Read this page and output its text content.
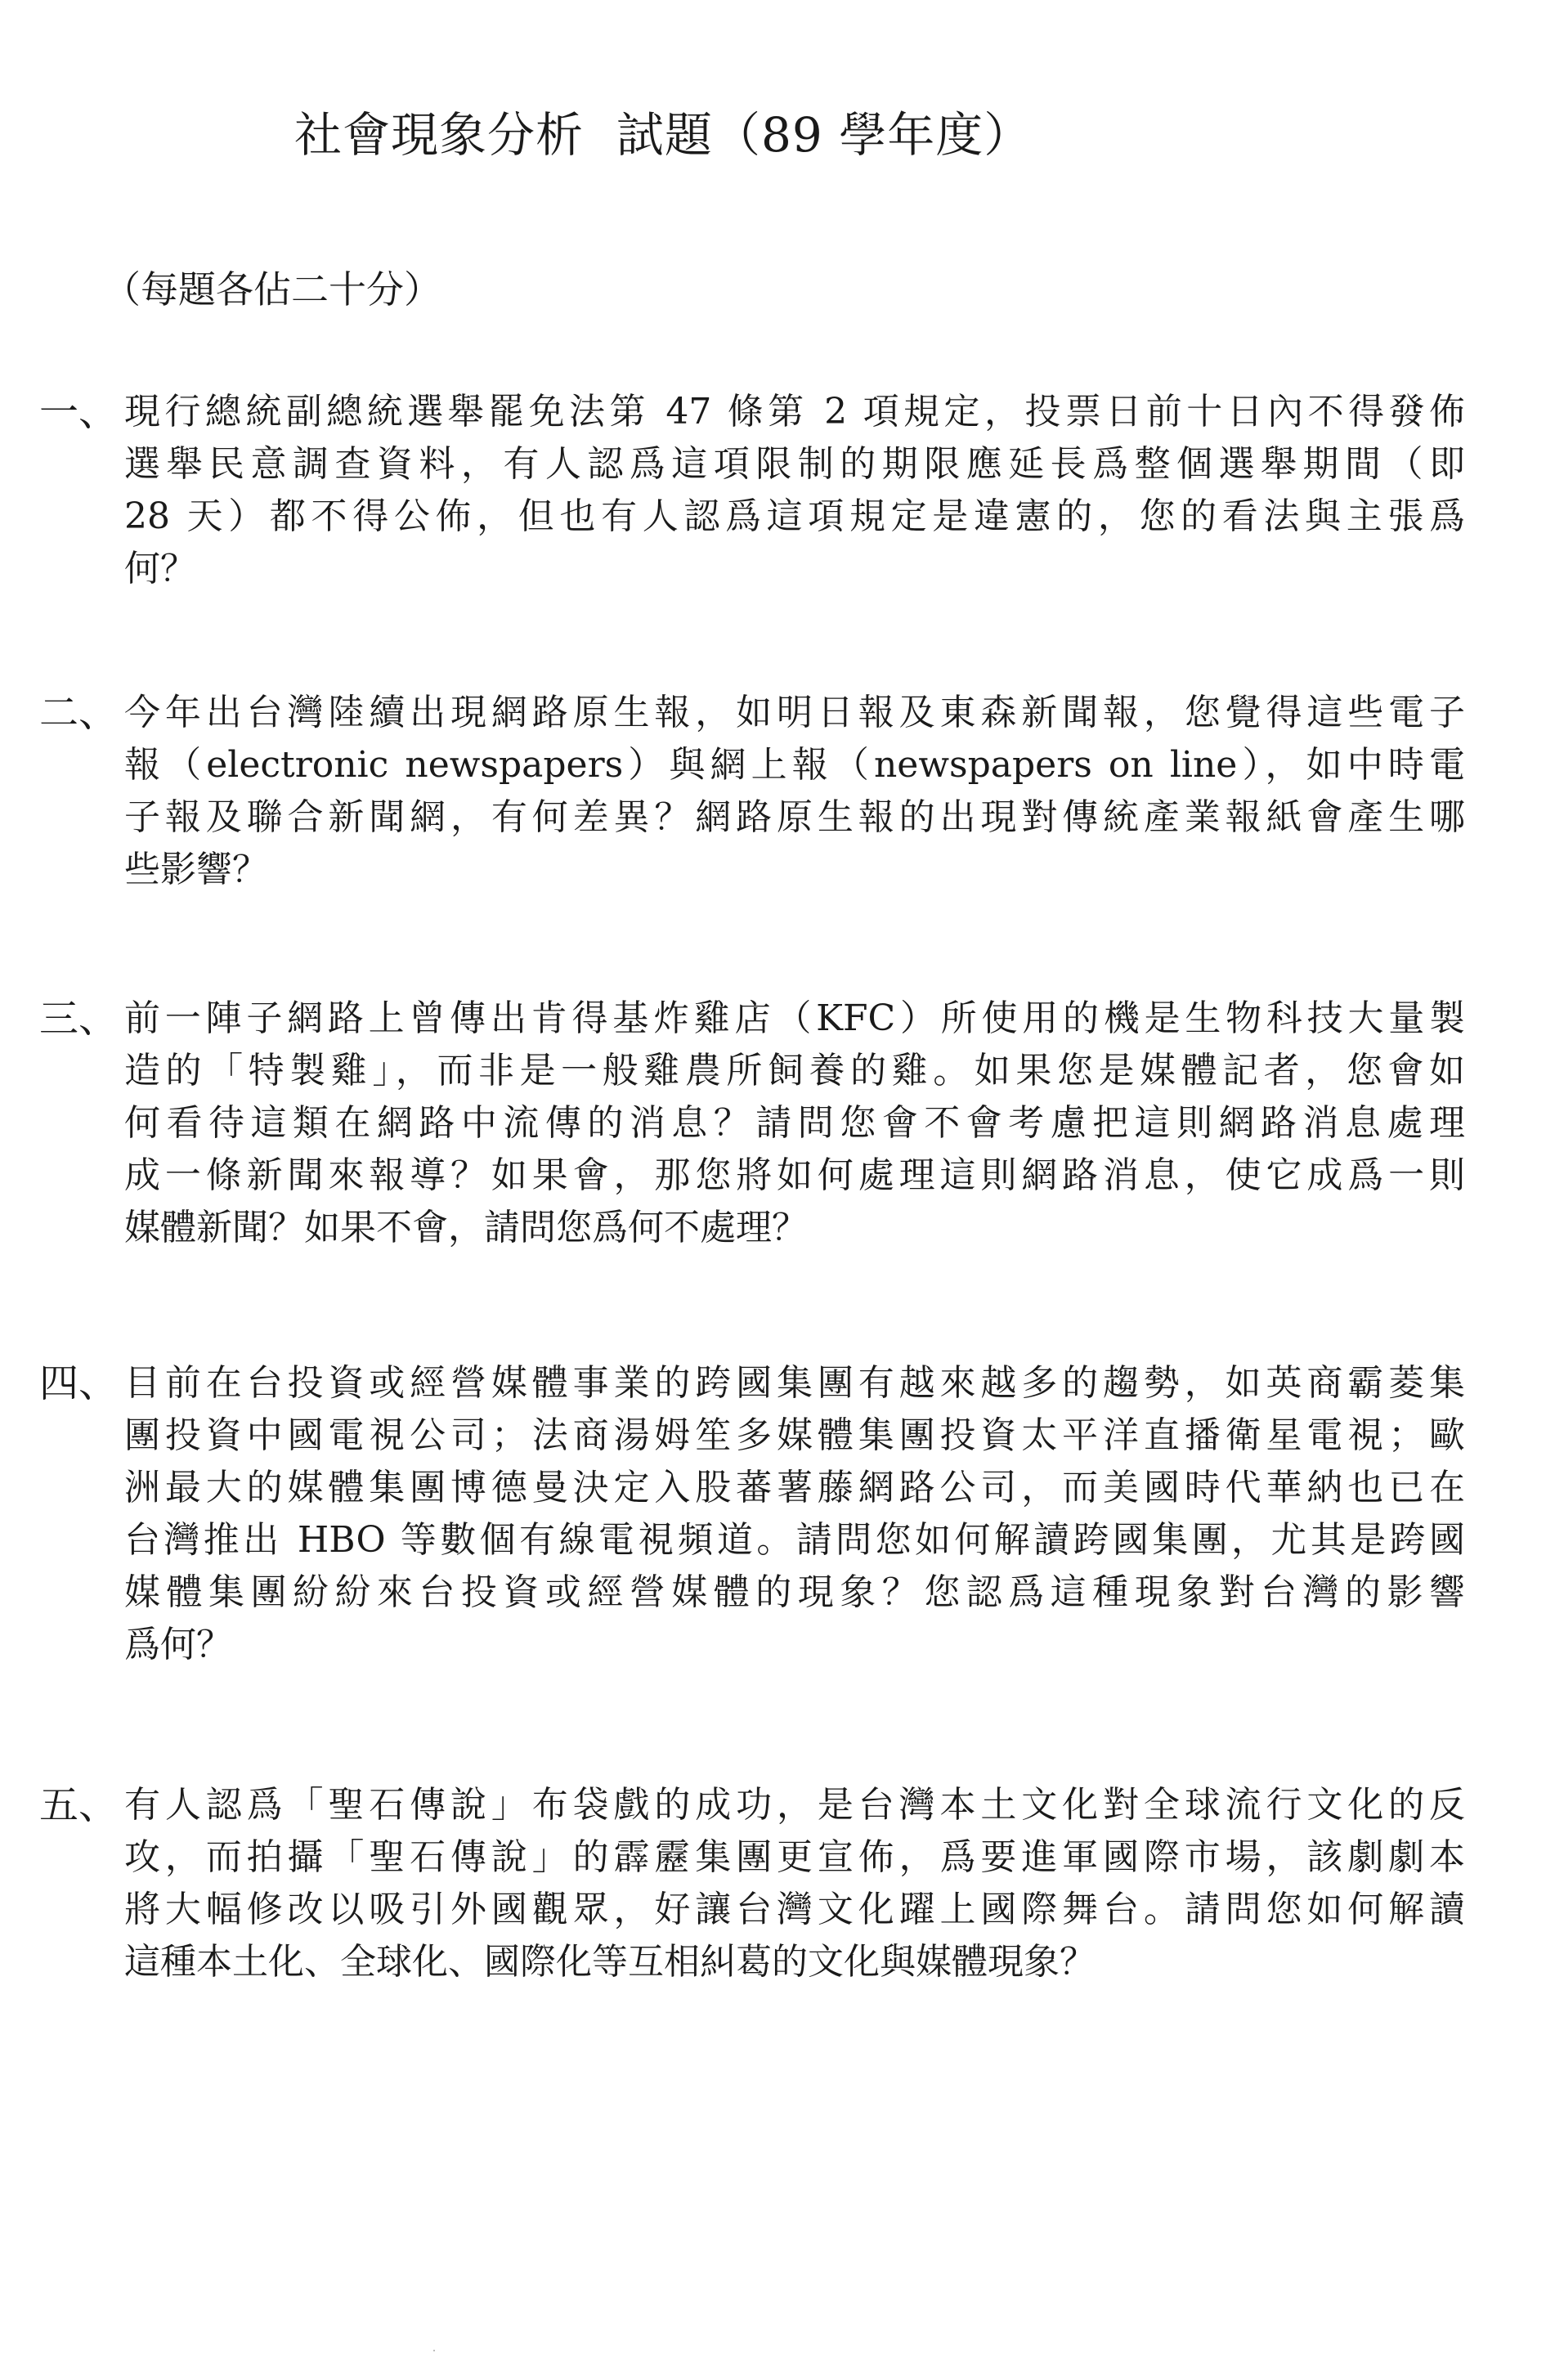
社會現象分析 試題（89 學年度）
（每題各佔二十分）
一、 現行總統副總統選舉罷免法第 47 條第 2 項規定，投票日前十日內不得發佈
選舉民意調查資料，有人認爲這項限制的期限應延長爲整個選舉期間（即
28 天）都不得公佈，但也有人認爲這項規定是違憲的，您的看法與主張爲
何？
二、 今年出台灣陸續出現網路原生報，如明日報及東森新聞報，您覺得這些電子
報（electronic newspapers）與網上報（newspapers on line），如中時電
子報及聯合新聞網，有何差異？網路原生報的出現對傳統產業報紙會產生哪
些影響？
三、 前一陣子網路上曾傳出肯得基炸雞店（KFC）所使用的機是生物科技大量製
造的「特製雞」，而非是一般雞農所飼養的雞。如果您是媒體記者，您會如
何看待這類在網路中流傳的消息？請問您會不會考慮把這則網路消息處理
成一條新聞來報導？如果會，那您將如何處理這則網路消息，使它成爲一則
媒體新聞？如果不會，請問您爲何不處理？
四、 目前在台投資或經營媒體事業的跨國集團有越來越多的趨勢，如英商霸菱集
團投資中國電視公司；法商湯姆笙多媒體集團投資太平洋直播衛星電視；歐
洲最大的媒體集團博德曼決定入股蕃薯藤網路公司，而美國時代華納也已在
台灣推出 HBO 等數個有線電視頻道。請問您如何解讀跨國集團，尤其是跨國
媒體集團紛紛來台投資或經營媒體的現象？您認爲這種現象對台灣的影響
爲何？
五、 有人認爲「聖石傳說」布袋戲的成功，是台灣本土文化對全球流行文化的反
攻，而拍攝「聖石傳說」的霹靂集團更宣佈，爲要進軍國際市場，該劇劇本
將大幅修改以吸引外國觀眾，好讓台灣文化躍上國際舞台。請問您如何解讀
這種本土化、全球化、國際化等互相糾葛的文化與媒體現象？
